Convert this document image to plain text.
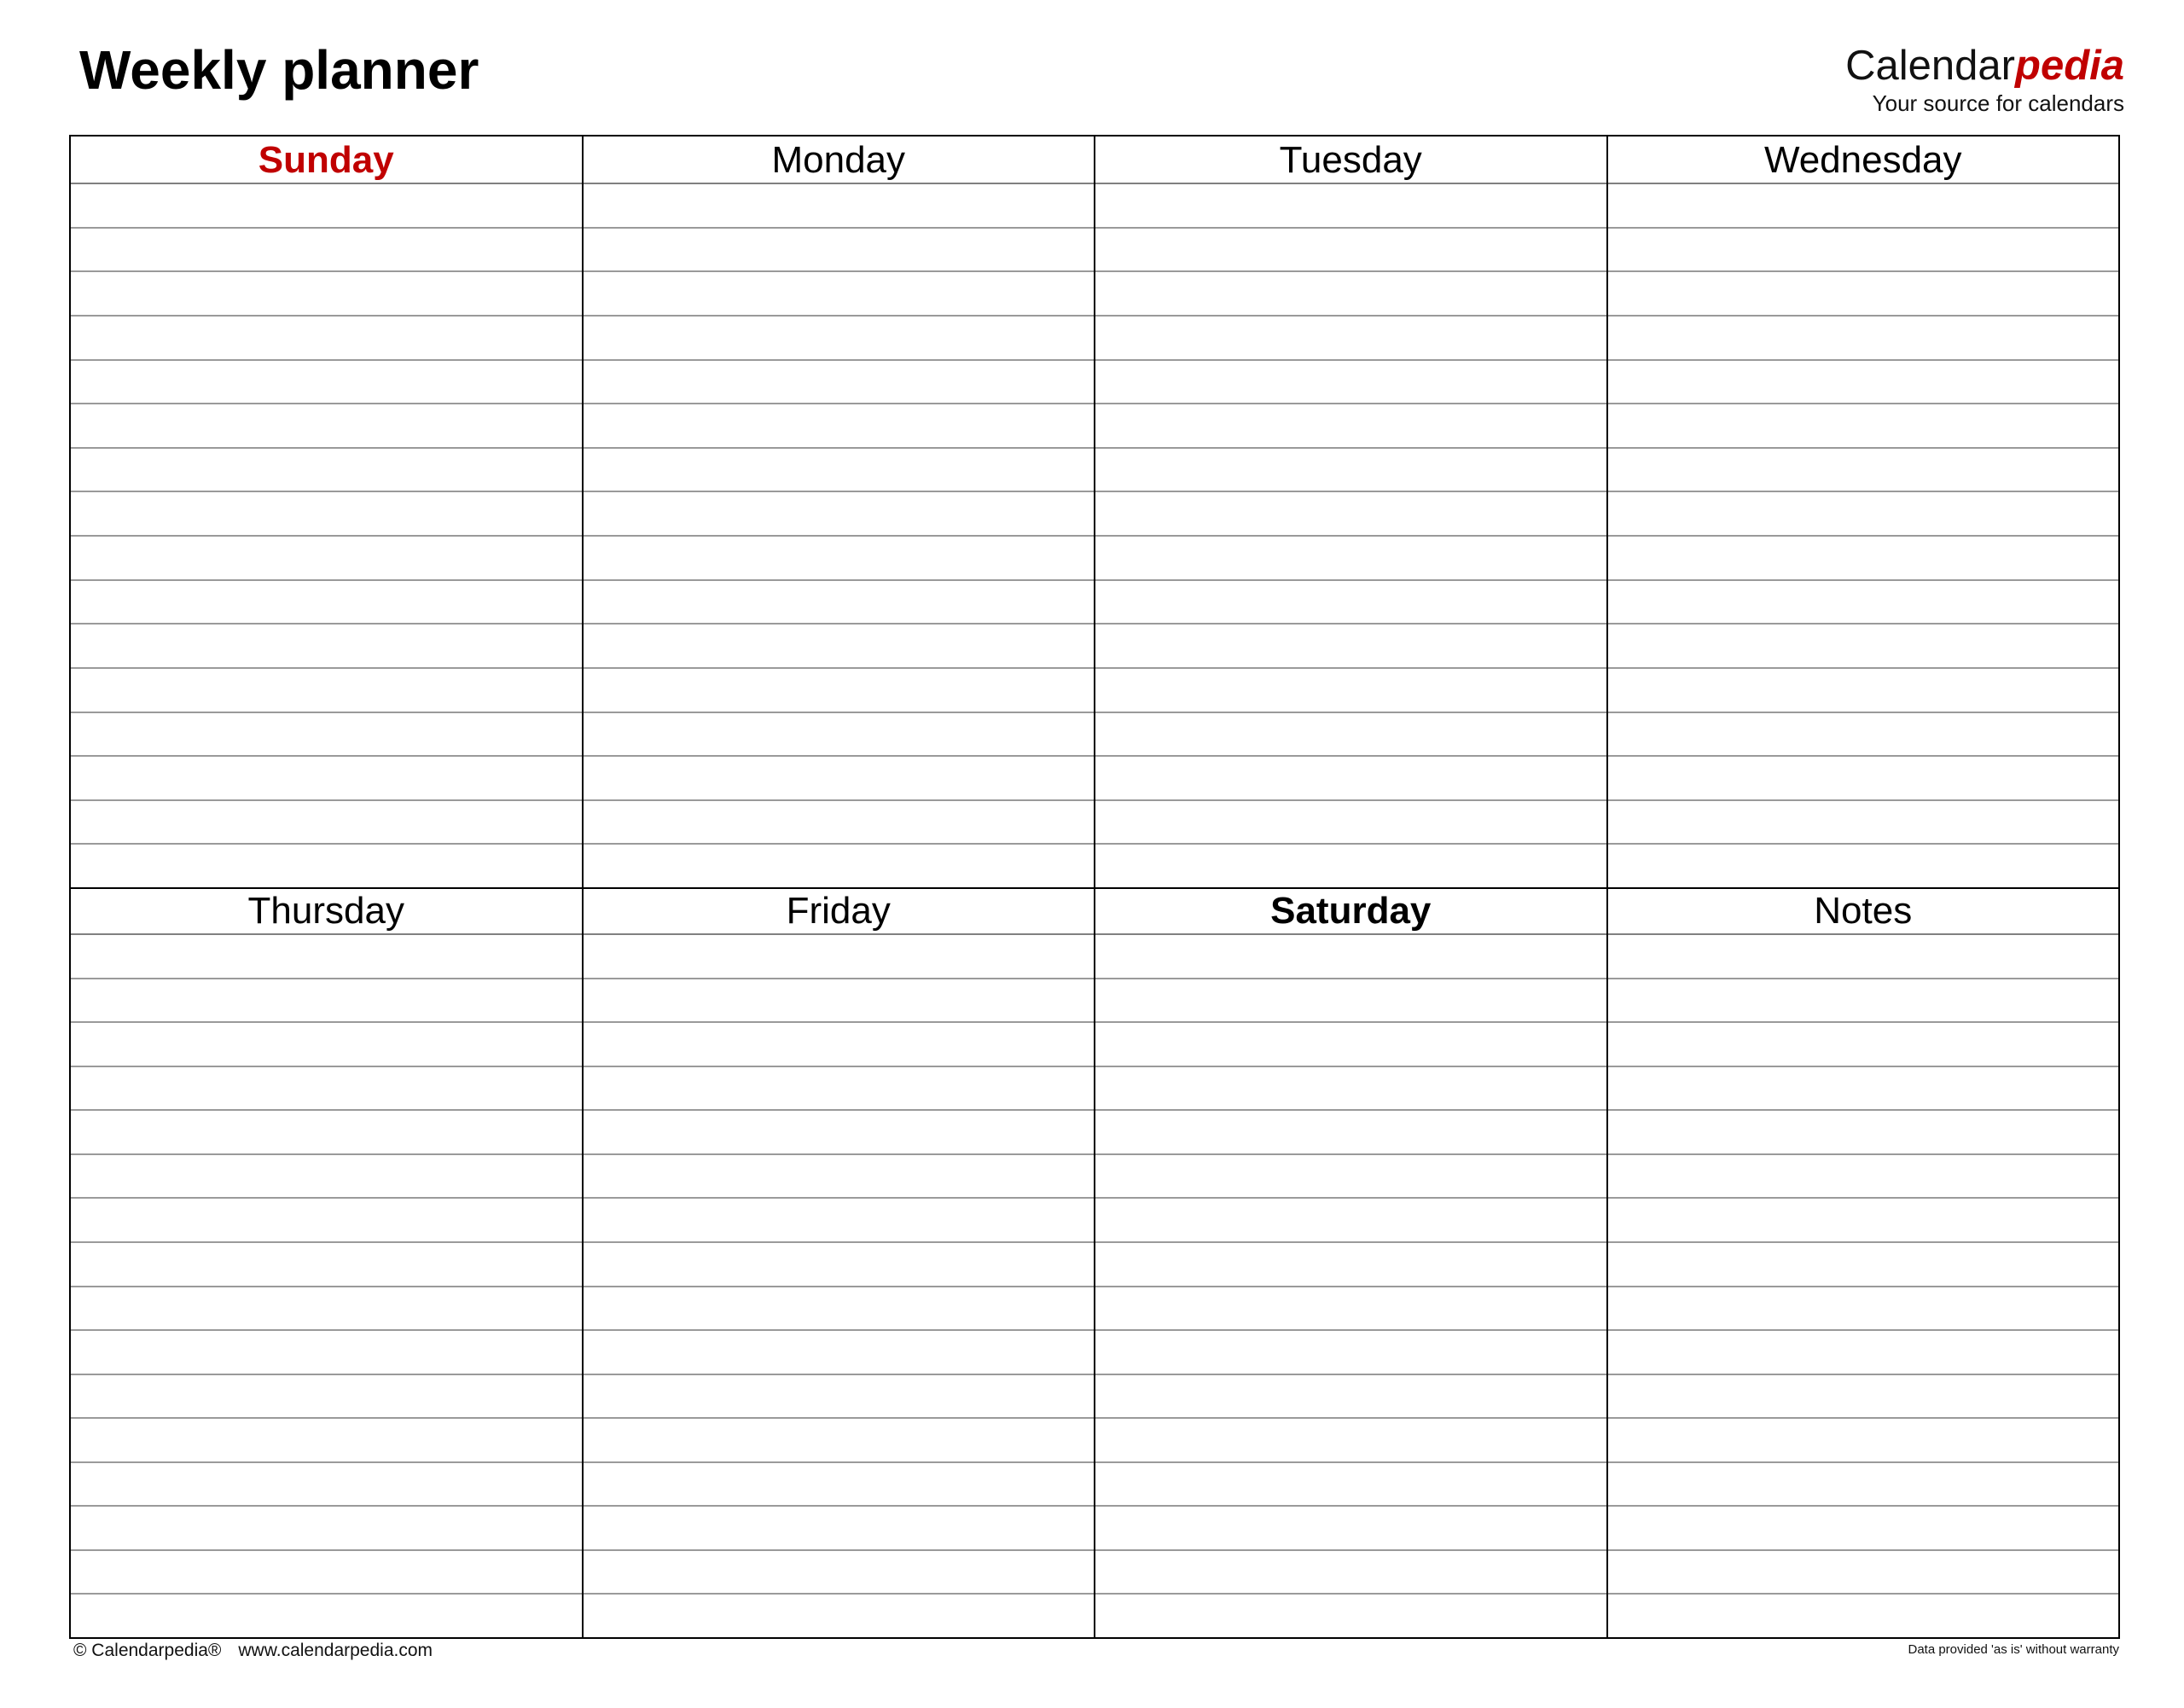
Weekly planner	Calendarpedia
Your source for calendars
Sunday	Monday	Tuesday	Wednesday
Thursday	Friday	Saturday	Notes
© Calendarpedia® www.calendarpedia.com	Data provided 'as is' without warranty
